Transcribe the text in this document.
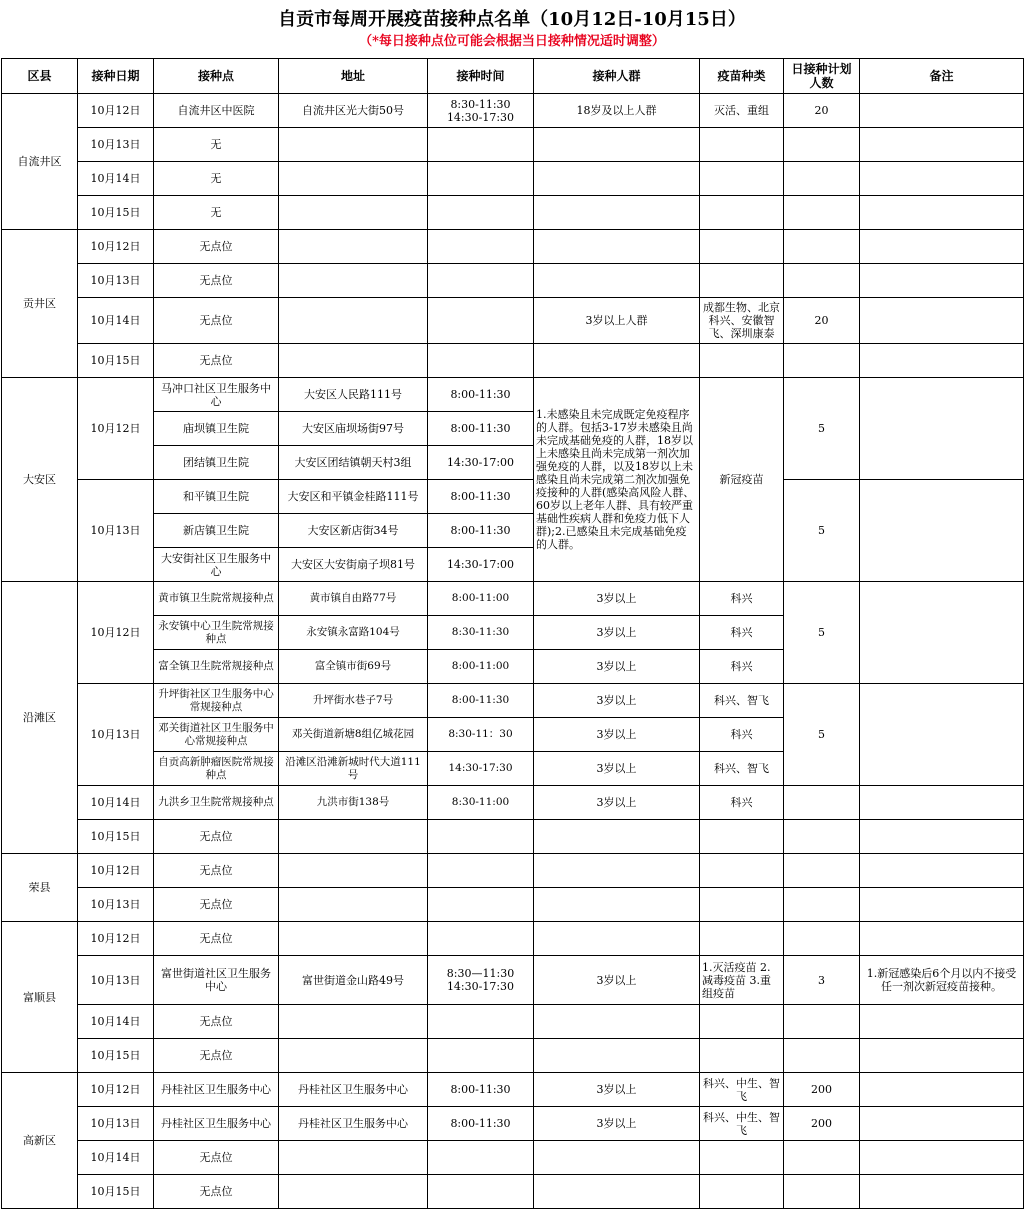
自贡市每周开展疫苗接种点名单（10月12日-10月15日）
（*每日接种点位可能会根据当日接种情况适时调整）
区县	接种日期	接种点	地址	接种时间	接种人群	疫苗种类	日接种计划人数	备注
自流井区	10月12日	自流井区中医院	自流井区光大街50号	8:30-11:30　14:30-17:30	18岁及以上人群	灭活、重组	20	
	10月13日	无						
	10月14日	无						
	10月15日	无						
贡井区	10月12日	无点位						
	10月13日	无点位						
	10月14日	无点位			3岁以上人群	成都生物、北京科兴、安徽智飞、深圳康泰	20	
	10月15日	无点位						
大安区	10月12日	马冲口社区卫生服务中心	大安区人民路111号	8:00-11:30	1.未感染且未完成既定免疫程序的人群。包括3-17岁未感染且尚未完成基础免疫的人群，18岁以上未感染且尚未完成第一剂次加强免疫的人群，以及18岁以上未感染且尚未完成第二剂次加强免疫接种的人群(感染高风险人群、60岁以上老年人群、具有较严重基础性疾病人群和免疫力低下人群);2.已感染且未完成基础免疫的人群。	新冠疫苗	5	
		庙坝镇卫生院	大安区庙坝场街97号	8:00-11:30				
		团结镇卫生院	大安区团结镇朝天村3组	14:30-17:00				
	10月13日	和平镇卫生院	大安区和平镇金桂路111号	8:00-11:30			5	
		新店镇卫生院	大安区新店街34号	8:00-11:30				
		大安街社区卫生服务中心	大安区大安街扇子坝81号	14:30-17:00				
沿滩区	10月12日	黄市镇卫生院常规接种点	黄市镇自由路77号	8:00-11:00	3岁以上	科兴	5	
		永安镇中心卫生院常规接种点	永安镇永富路104号	8:30-11:30	3岁以上	科兴		
		富全镇卫生院常规接种点	富全镇市街69号	8:00-11:00	3岁以上	科兴		
	10月13日	升坪街社区卫生服务中心常规接种点	升坪街水巷子7号	8:00-11:30	3岁以上	科兴、智飞	5	
		邓关街道社区卫生服务中心常规接种点	邓关街道新塘8组亿城花园	8:30-11：30	3岁以上	科兴		
		自贡高新肿瘤医院常规接种点	沿滩区沿滩新城时代大道111号	14:30-17:30	3岁以上	科兴、智飞		
	10月14日	九洪乡卫生院常规接种点	九洪市街138号	8:30-11:00	3岁以上	科兴		
	10月15日	无点位						
荣县	10月12日	无点位						
	10月13日	无点位						
富顺县	10月12日	无点位						
	10月13日	富世街道社区卫生服务中心	富世街道金山路49号	8:30—11:30　14:30-17:30	3岁以上	1.灭活疫苗 2.减毒疫苗 3.重组疫苗	3	1.新冠感染后6个月以内不接受任一剂次新冠疫苗接种。
	10月14日	无点位						
	10月15日	无点位						
高新区	10月12日	丹桂社区卫生服务中心	丹桂社区卫生服务中心	8:00-11:30	3岁以上	科兴、中生、智飞	200	
	10月13日	丹桂社区卫生服务中心	丹桂社区卫生服务中心	8:00-11:30	3岁以上	科兴、中生、智飞	200	
	10月14日	无点位						
	10月15日	无点位						
